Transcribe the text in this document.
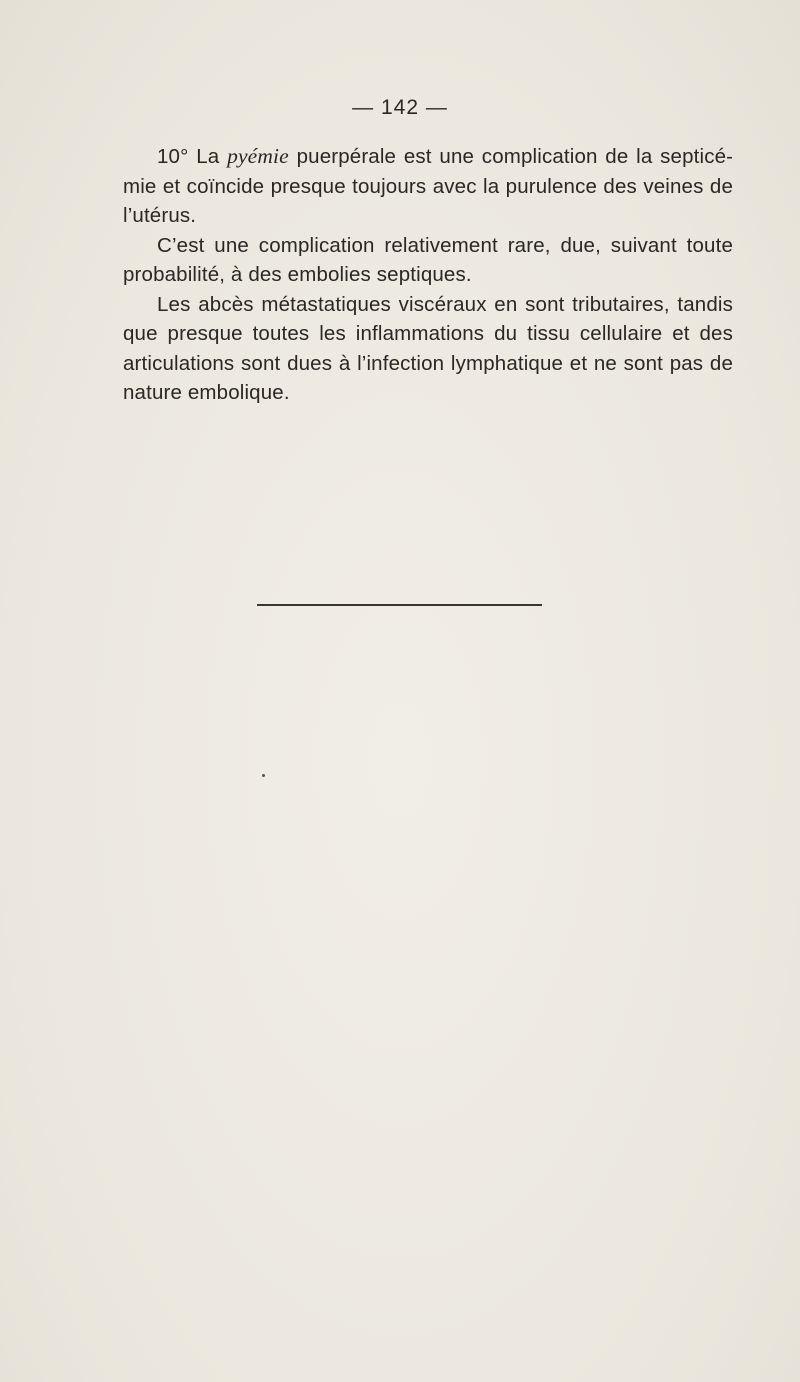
— 142 —

10° La pyémie puerpérale est une complication de la septicémie et coïncide presque toujours avec la purulence des veines de l’utérus.

C’est une complication relativement rare, due, suivant toute probabilité, à des embolies septiques.

Les abcès métastatiques viscéraux en sont tributaires, tandis que presque toutes les inflammations du tissu cellulaire et des articulations sont dues à l’infection lymphatique et ne sont pas de nature embolique.
